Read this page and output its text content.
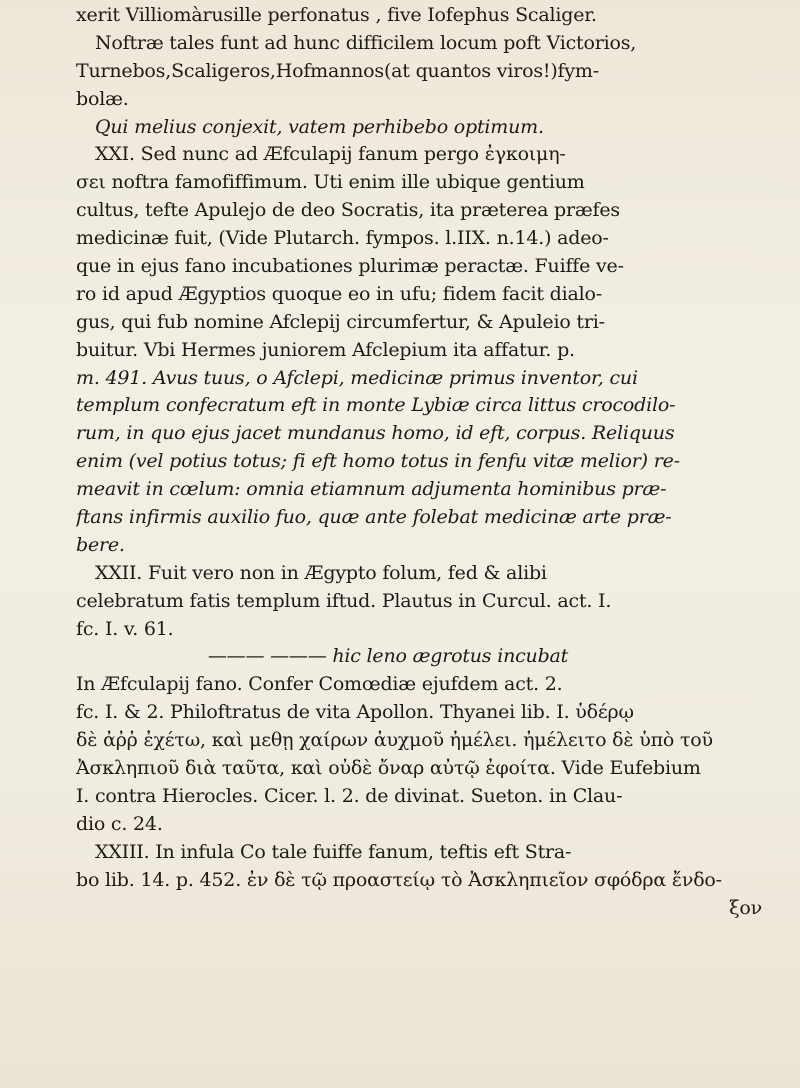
xerit Villiomàrusille perfonatus , five Iofephus Scaliger.
Noftræ tales funt ad hunc difficilem locum poft Victorios,
Turnebos,Scaligeros,Hofmannos(at quantos viros!)fym-
bolæ.
Qui melius conjexit, vatem perhibebo optimum.
XXI. Sed nunc ad Æfculapij fanum pergo ἐγκοιμη-
σει noftra famofiffimum. Uti enim ille ubique gentium
cultus, tefte Apulejo de deo Socratis, ita præterea præfes
medicinæ fuit, (Vide Plutarch. fympos. l.IIX. n.14.) adeo-
que in ejus fano incubationes plurimæ peractæ. Fuiffe ve-
ro id apud Ægyptios quoque eo in ufu; fidem facit dialo-
gus, qui fub nomine Afclepij circumfertur, & Apuleio tri-
buitur. Vbi Hermes juniorem Afclepium ita affatur. p.
m. 491. Avus tuus, o Afclepi, medicinæ primus inventor, cui
templum confecratum eft in monte Lybiæ circa littus crocodilo-
rum, in quo ejus jacet mundanus homo, id eft, corpus. Reliquus
enim (vel potius totus; fi eft homo totus in fenfu vitæ melior) re-
meavit in cœlum: omnia etiamnum adjumenta hominibus præ-
ftans infirmis auxilio fuo, quæ ante folebat medicinæ arte præ-
bere.
XXII. Fuit vero non in Ægypto folum, fed & alibi
celebratum fatis templum iftud. Plautus in Curcul. act. I.
fc. I. v. 61.
——— ——— hic leno ægrotus incubat
In Æfculapij fano. Confer Comœdiæ ejufdem act. 2.
fc. I. & 2. Philoftratus de vita Apollon. Thyanei lib. I. ὑδέρῳ
δὲ ἀῤῥ ἐχέτω, καὶ μεθῃ χαίρων ἀυχμοῦ ἠμέλει. ἠμέλειτο δὲ ὑπὸ τοῦ
Ἀσκληπιοῦ διὰ ταῦτα, καὶ οὐδὲ ὄναρ αὐτῷ ἐφοίτα. Vide Eufebium
I. contra Hierocles. Cicer. l. 2. de divinat. Sueton. in Clau-
dio c. 24.
XXIII. In infula Co tale fuiffe fanum, teftis eft Stra-
bo lib. 14. p. 452. ἐν δὲ τῷ προαστείῳ τὸ Ἀσκληπιεῖον σφόδρα ἔνδο-
ξον
